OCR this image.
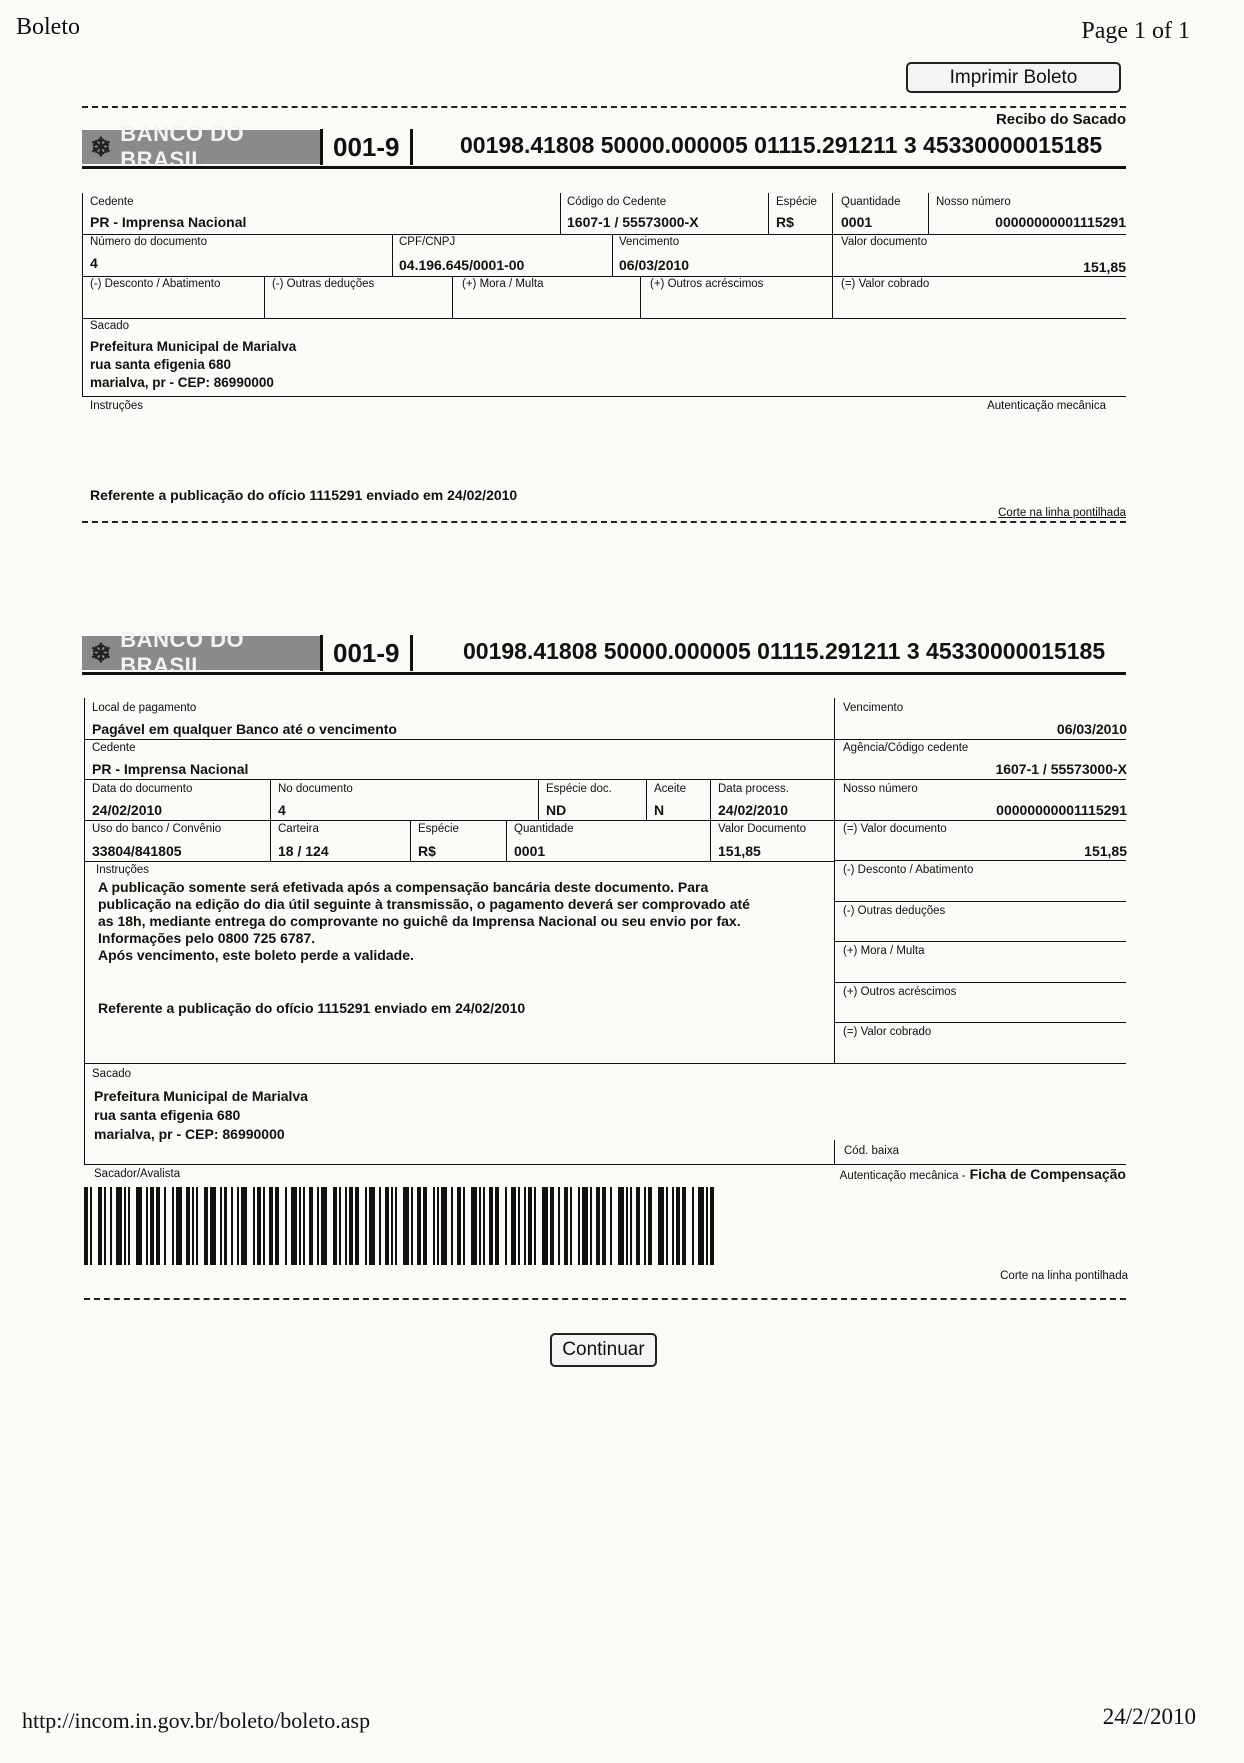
Boleto	Page 1 of 1
Imprimir Boleto
Recibo do Sacado
❄ BANCO DO BRASIL	001-9	00198.41808 50000.000005 01115.291211 3 45330000015185
Cedente
PR - Imprensa Nacional
Código do Cedente
1607-1 / 55573000-X
Espécie
R$
Quantidade
0001
Nosso número
00000000001115291
Número do documento
4
CPF/CNPJ
04.196.645/0001-00
Vencimento
06/03/2010
Valor documento
151,85
(-) Desconto / Abatimento	(-) Outras deduções	(+) Mora / Multa	(+) Outros acréscimos	(=) Valor cobrado
Sacado
Prefeitura Municipal de Marialva
rua santa efigenia 680
marialva, pr - CEP: 86990000
Instruções	Autenticação mecânica
Referente a publicação do ofício 1115291 enviado em 24/02/2010
Corte na linha pontilhada
❄ BANCO DO BRASIL	001-9	00198.41808 50000.000005 01115.291211 3 45330000015185
Local de pagamento
Pagável em qualquer Banco até o vencimento
Vencimento
06/03/2010
Cedente
PR - Imprensa Nacional
Agência/Código cedente
1607-1 / 55573000-X
Data do documento
24/02/2010
No documento
4
Espécie doc.
ND
Aceite
N
Data process.
24/02/2010
Nosso número
00000000001115291
Uso do banco / Convênio
33804/841805
Carteira
18 / 124
Espécie
R$
Quantidade
0001
Valor Documento
151,85
(=) Valor documento
151,85
Instruções
A publicação somente será efetivada após a compensação bancária deste documento. Para
publicação na edição do dia útil seguinte à transmissão, o pagamento deverá ser comprovado até
as 18h, mediante entrega do comprovante no guichê da Imprensa Nacional ou seu envio por fax.
Informações pelo 0800 725 6787.
Após vencimento, este boleto perde a validade.
Referente a publicação do ofício 1115291 enviado em 24/02/2010
(-) Desconto / Abatimento
(-) Outras deduções
(+) Mora / Multa
(+) Outros acréscimos
(=) Valor cobrado
Sacado
Prefeitura Municipal de Marialva
rua santa efigenia 680
marialva, pr - CEP: 86990000
Cód. baixa
Sacador/Avalista	Autenticação mecânica - Ficha de Compensação
Corte na linha pontilhada
Continuar
http://incom.in.gov.br/boleto/boleto.asp	24/2/2010
